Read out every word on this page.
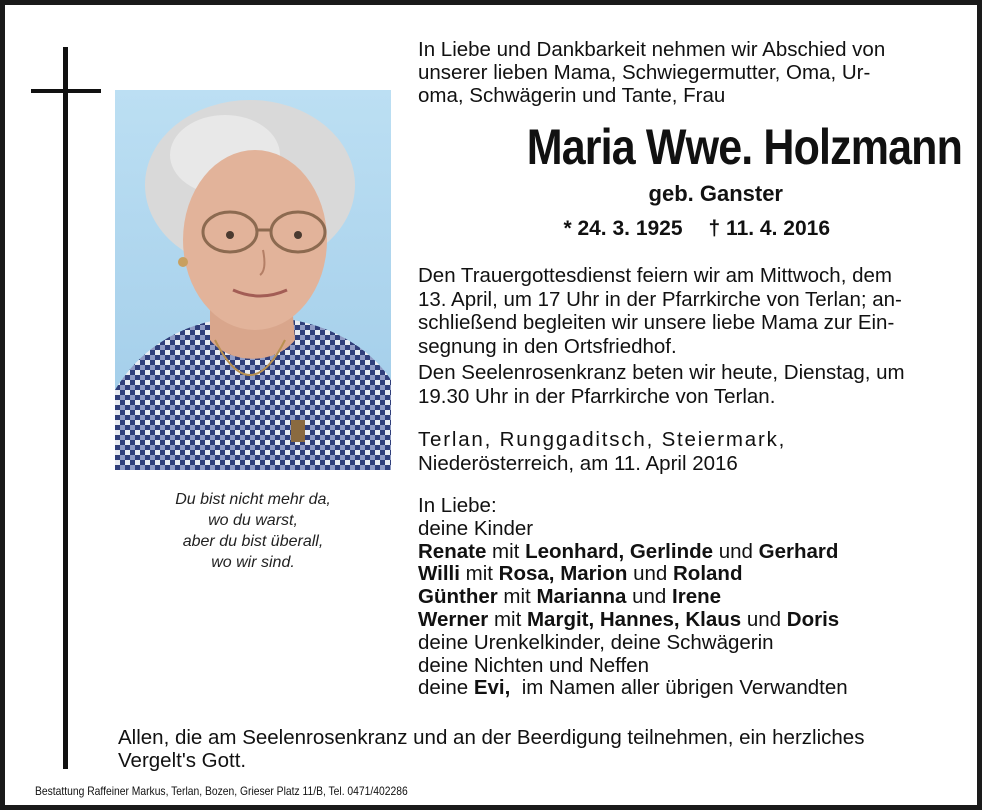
Du bist nicht mehr da,
wo du warst,
aber du bist überall,
wo wir sind.
In Liebe und Dankbarkeit nehmen wir Abschied von
unserer lieben Mama, Schwiegermutter, Oma, Ur-
oma, Schwägerin und Tante, Frau
Maria Wwe. Holzmann
geb. Ganster
* 24. 3. 1925 † 11. 4. 2016
Den Trauergottesdienst feiern wir am Mittwoch, dem
13. April, um 17 Uhr in der Pfarrkirche von Terlan; an-
schließend begleiten wir unsere liebe Mama zur Ein-
segnung in den Ortsfriedhof.
Den Seelenrosenkranz beten wir heute, Dienstag, um
19.30 Uhr in der Pfarrkirche von Terlan.
Terlan, Runggaditsch, Steiermark,
Niederösterreich, am 11. April 2016
In Liebe:
deine Kinder
Renate mit Leonhard, Gerlinde und Gerhard
Willi mit Rosa, Marion und Roland
Günther mit Marianna und Irene
Werner mit Margit, Hannes, Klaus und Doris
deine Urenkelkinder, deine Schwägerin
deine Nichten und Neffen
deine Evi,  im Namen aller übrigen Verwandten
Allen, die am Seelenrosenkranz und an der Beerdigung teilnehmen, ein herzliches
Vergelt's Gott.
Bestattung Raffeiner Markus, Terlan, Bozen, Grieser Platz 11/B, Tel. 0471/402286
